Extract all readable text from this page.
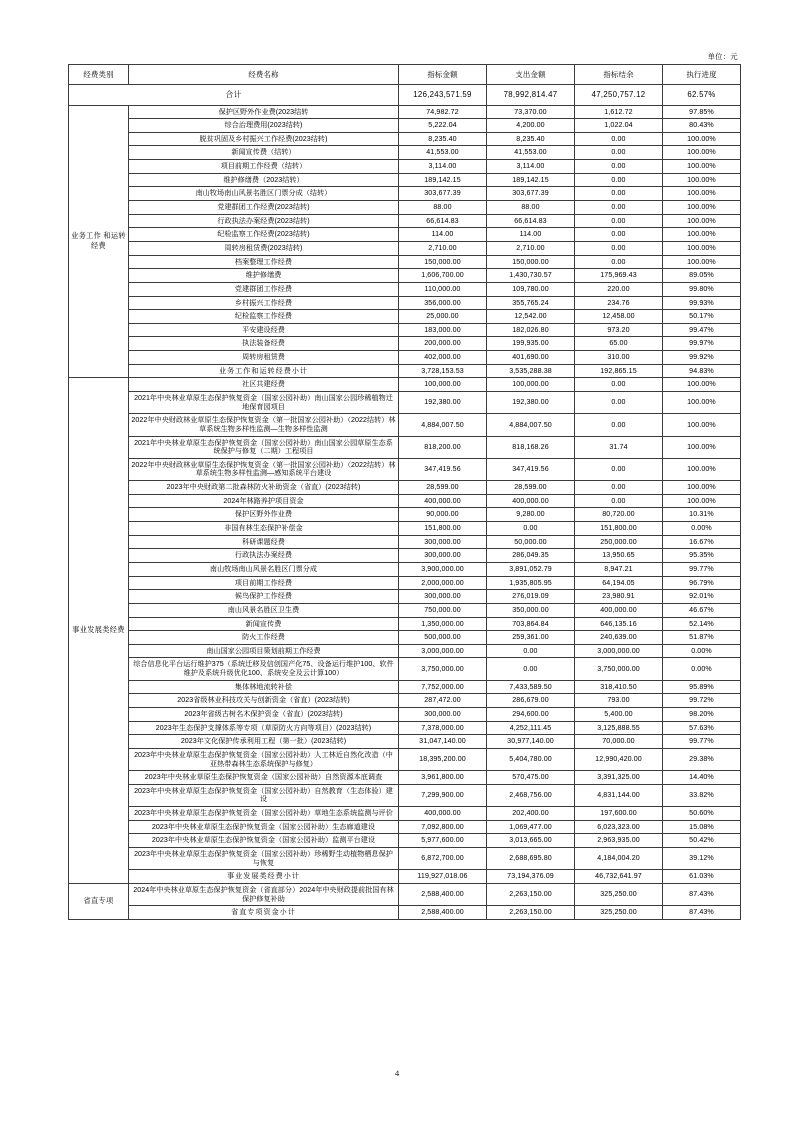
单位：元
经费类别	经费名称	指标金额	支出金额	指标结余	执行进度
合计		126,243,571.59	78,992,814.47	47,250,757.12	62.57%
业务工作 和运转经费	保护区野外作业费(2023结转	74,982.72	73,370.00	1,612.72	97.85%
	综合治理费用(2023结转)	5,222.04	4,200.00	1,022.04	80.43%
	脱贫巩固及乡村振兴工作经费(2023结转)	8,235.40	8,235.40	0.00	100.00%
	新闻宣传费（结转）	41,553.00	41,553.00	0.00	100.00%
	项目前期工作经费（结转）	3,114.00	3,114.00	0.00	100.00%
	维护修缮费（2023结转）	189,142.15	189,142.15	0.00	100.00%
	南山牧场南山风景名胜区门票分成（结转）	303,677.39	303,677.39	0.00	100.00%
	党建群团工作经费(2023结转)	88.00	88.00	0.00	100.00%
	行政执法办案经费(2023结转)	66,614.83	66,614.83	0.00	100.00%
	纪检监察工作经费(2023结转)	114.00	114.00	0.00	100.00%
	周转房租赁费(2023结转)	2,710.00	2,710.00	0.00	100.00%
	档案整理工作经费	150,000.00	150,000.00	0.00	100.00%
	维护修缮费	1,606,700.00	1,430,730.57	175,969.43	89.05%
	党建群团工作经费	110,000.00	109,780.00	220.00	99.80%
	乡村振兴工作经费	356,000.00	355,765.24	234.76	99.93%
	纪检监察工作经费	25,000.00	12,542.00	12,458.00	50.17%
	平安建设经费	183,000.00	182,026.80	973.20	99.47%
	执法装备经费	200,000.00	199,935.00	65.00	99.97%
	周转房租赁费	402,000.00	401,690.00	310.00	99.92%
	业务工作和运转经费小计	3,728,153.53	3,535,288.38	192,865.15	94.83%
事业发展类经费	社区共建经费	100,000.00	100,000.00	0.00	100.00%
	2021年中央林业草原生态保护恢复资金（国家公园补助）南山国家公园珍稀植物迁地保育园项目	192,380.00	192,380.00	0.00	100.00%
	2022年中央财政林业草原生态保护恢复资金（第一批国家公园补助）（2022结转）林草系统生物多样性监测—生物多样性监测	4,884,007.50	4,884,007.50	0.00	100.00%
	2021年中央林业草原生态保护恢复资金（国家公园补助）南山国家公园草原生态系统保护与修复（二期）工程项目	818,200.00	818,168.26	31.74	100.00%
	2022年中央财政林业草原生态保护恢复资金（第一批国家公园补助）（2022结转）林草系统生物多样性监测—感知系统平台建设	347,419.56	347,419.56	0.00	100.00%
	2023年中央财政第二批森林防火补助资金（省直）(2023结转)	28,599.00	28,599.00	0.00	100.00%
	2024年林路养护项目资金	400,000.00	400,000.00	0.00	100.00%
	保护区野外作业费	90,000.00	9,280.00	80,720.00	10.31%
	非国有林生态保护补偿金	151,800.00	0.00	151,800.00	0.00%
	科研课题经费	300,000.00	50,000.00	250,000.00	16.67%
	行政执法办案经费	300,000.00	286,049.35	13,950.65	95.35%
	南山牧场南山风景名胜区门票分成	3,900,000.00	3,891,052.79	8,947.21	99.77%
	项目前期工作经费	2,000,000.00	1,935,805.95	64,194.05	96.79%
	候鸟保护工作经费	300,000.00	276,019.09	23,980.91	92.01%
	南山风景名胜区卫生费	750,000.00	350,000.00	400,000.00	46.67%
	新闻宣传费	1,350,000.00	703,864.84	646,135.16	52.14%
	防火工作经费	500,000.00	259,361.00	240,639.00	51.87%
	南山国家公园项目策划前期工作经费	3,000,000.00	0.00	3,000,000.00	0.00%
	综合信息化平台运行维护375（系统迁移及信创国产化75、设备运行维护100、软件维护及系统升级优化100、系统安全及云计算100）	3,750,000.00	0.00	3,750,000.00	0.00%
	集体林地流转补偿	7,752,000.00	7,433,589.50	318,410.50	95.89%
	2023省级林业科技攻关与创新资金（省直）(2023结转)	287,472.00	286,679.00	793.00	99.72%
	2023年省级古树名木保护资金（省直）(2023结转)	300,000.00	294,600.00	5,400.00	98.20%
	2023年生态保护支撑体系等专项（草原防火方向等项目）(2023结转)	7,378,000.00	4,252,111.45	3,125,888.55	57.63%
	2023年文化保护传承利用工程（第一批）(2023结转)	31,047,140.00	30,977,140.00	70,000.00	99.77%
	2023年中央林业草原生态保护恢复资金（国家公园补助）人工林近自然化改造（中亚热带森林生态系统保护与修复）	18,395,200.00	5,404,780.00	12,990,420.00	29.38%
	2023年中央林业草原生态保护恢复资金（国家公园补助）自然资源本底调查	3,961,800.00	570,475.00	3,391,325.00	14.40%
	2023年中央林业草原生态保护恢复资金（国家公园补助）自然教育（生态体验）建设	7,299,900.00	2,468,756.00	4,831,144.00	33.82%
	2023年中央林业草原生态保护恢复资金（国家公园补助）草地生态系统监测与评价	400,000.00	202,400.00	197,600.00	50.60%
	2023年中央林业草原生态保护恢复资金（国家公园补助）生态廊道建设	7,092,800.00	1,069,477.00	6,023,323.00	15.08%
	2023年中央林业草原生态保护恢复资金（国家公园补助）监测平台建设	5,977,600.00	3,013,665.00	2,963,935.00	50.42%
	2023年中央林业草原生态保护恢复资金（国家公园补助）珍稀野生动植物栖息保护与恢复	6,872,700.00	2,688,695.80	4,184,004.20	39.12%
	事业发展类经费小计	119,927,018.06	73,194,376.09	46,732,641.97	61.03%
省直专项	2024年中央林业草原生态保护恢复资金（省直部分）2024年中央财政提前批国有林保护修复补助	2,588,400.00	2,263,150.00	325,250.00	87.43%
	省直专项资金小计	2,588,400.00	2,263,150.00	325,250.00	87.43%
4
